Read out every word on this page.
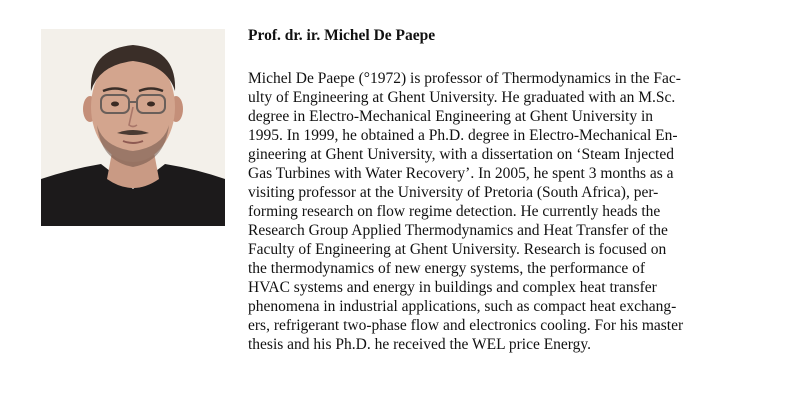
Prof. dr. ir. Michel De Paepe
Michel De Paepe (°1972) is professor of Thermodynamics in the Fac-
ulty of Engineering at Ghent University. He graduated with an M.Sc.
degree in Electro-Mechanical Engineering at Ghent University in
1995. In 1999, he obtained a Ph.D. degree in Electro-Mechanical En-
gineering at Ghent University, with a dissertation on ‘Steam Injected
Gas Turbines with Water Recovery’. In 2005, he spent 3 months as a
visiting professor at the University of Pretoria (South Africa), per-
forming research on flow regime detection. He currently heads the
Research Group Applied Thermodynamics and Heat Transfer of the
Faculty of Engineering at Ghent University. Research is focused on
the thermodynamics of new energy systems, the performance of
HVAC systems and energy in buildings and complex heat transfer
phenomena in industrial applications, such as compact heat exchang-
ers, refrigerant two-phase flow and electronics cooling. For his master
thesis and his Ph.D. he received the WEL price Energy.
